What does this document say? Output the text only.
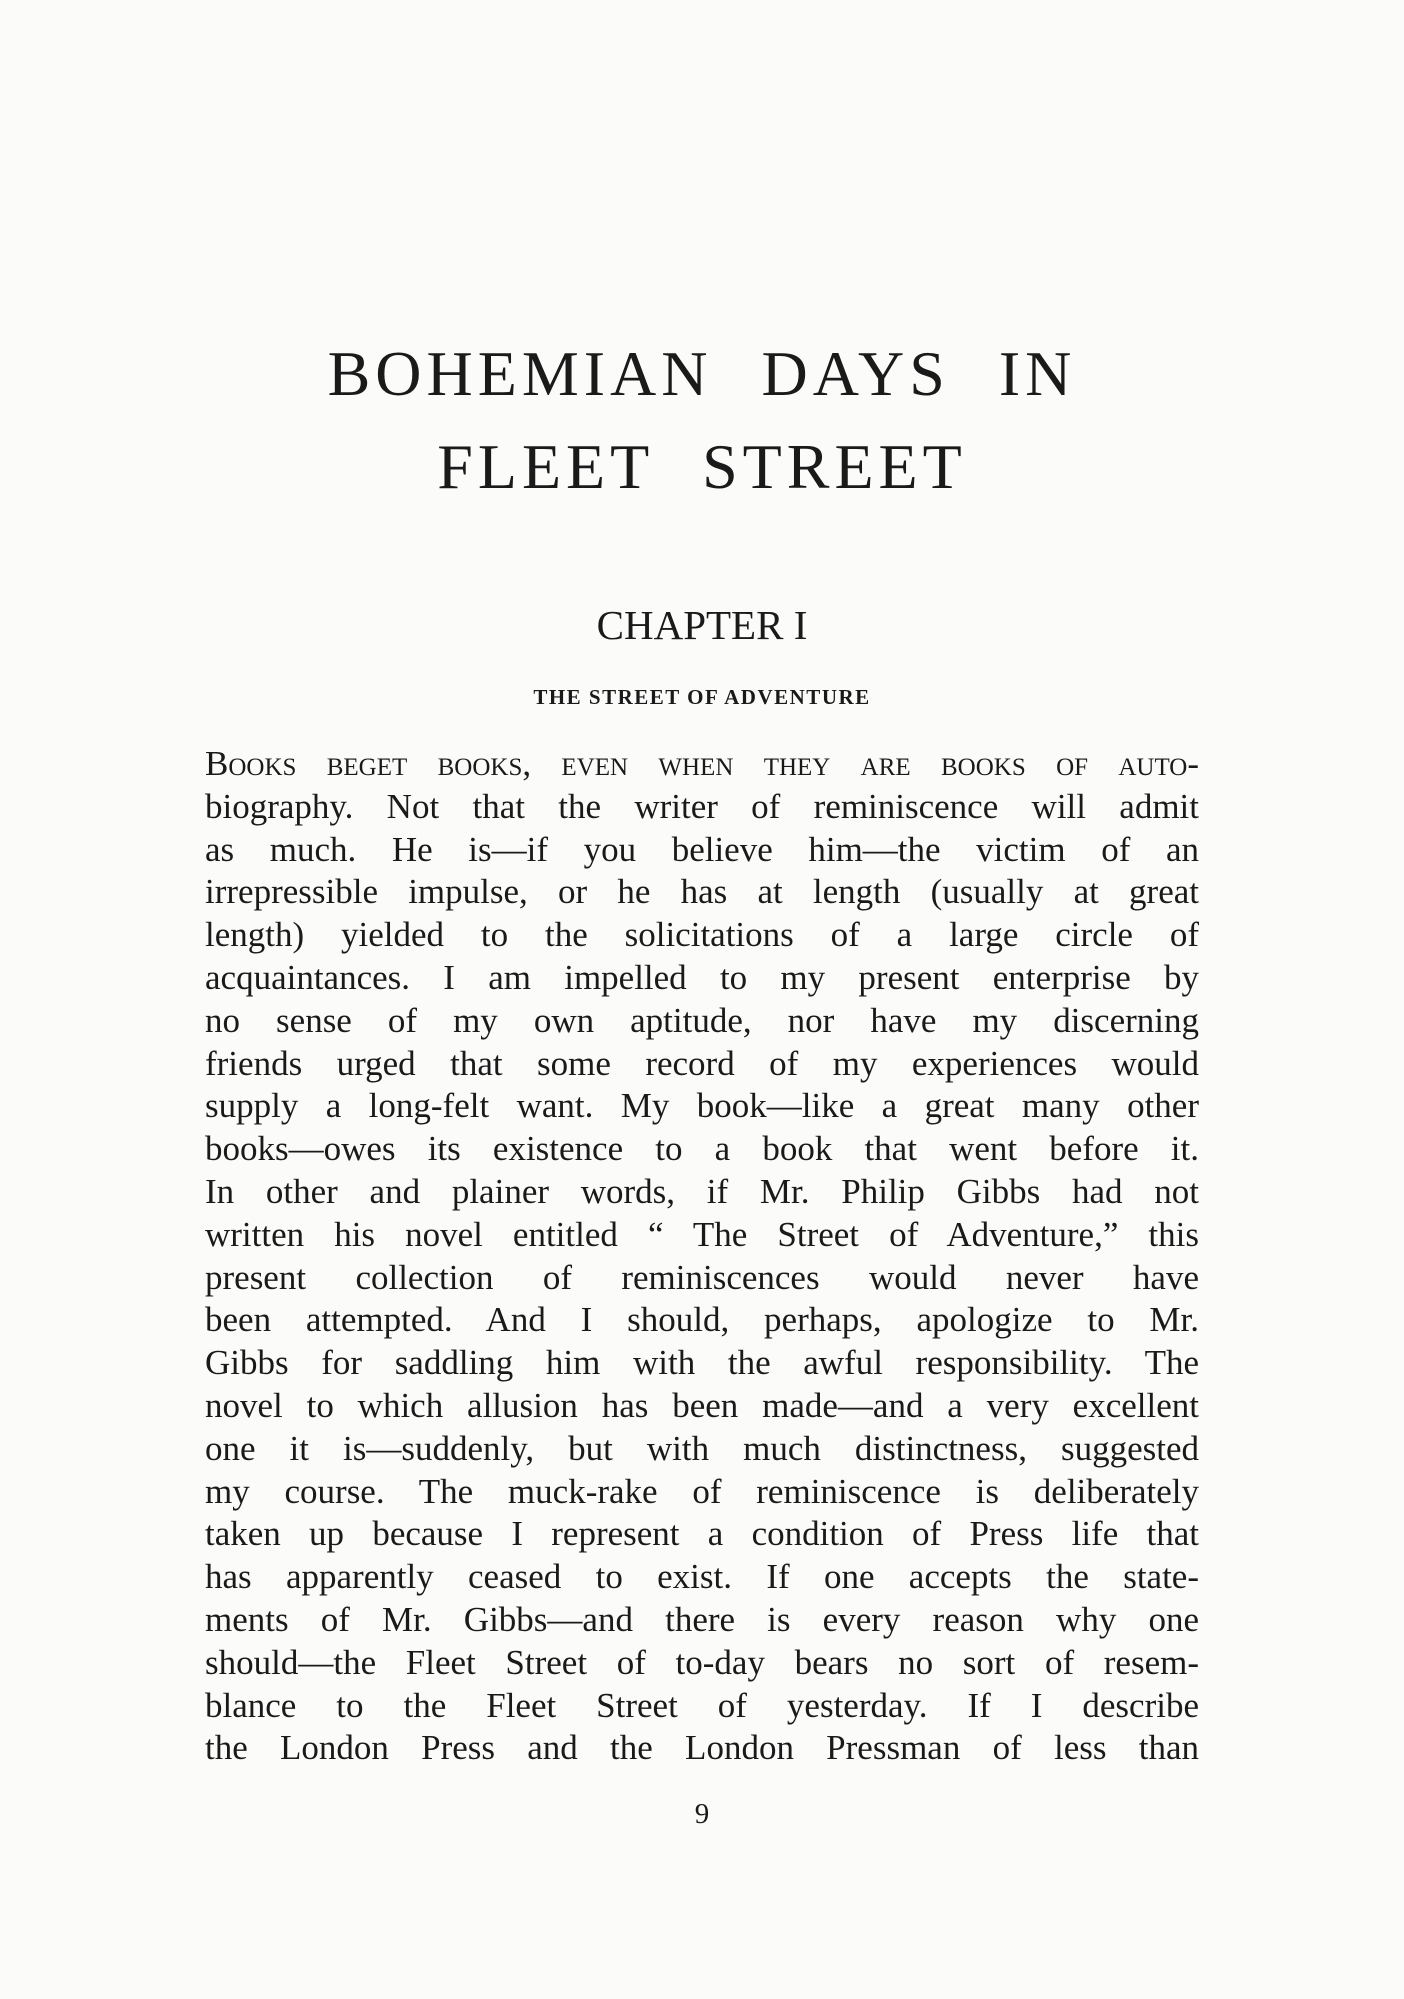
BOHEMIAN DAYS IN
FLEET STREET
CHAPTER I
THE STREET OF ADVENTURE
Books beget books, even when they are books of auto-
biography. Not that the writer of reminiscence will admit
as much. He is—if you believe him—the victim of an
irrepressible impulse, or he has at length (usually at great
length) yielded to the solicitations of a large circle of
acquaintances. I am impelled to my present enterprise by
no sense of my own aptitude, nor have my discerning
friends urged that some record of my experiences would
supply a long-felt want. My book—like a great many other
books—owes its existence to a book that went before it.
In other and plainer words, if Mr. Philip Gibbs had not
written his novel entitled “ The Street of Adventure,” this
present collection of reminiscences would never have
been attempted. And I should, perhaps, apologize to Mr.
Gibbs for saddling him with the awful responsibility. The
novel to which allusion has been made—and a very excellent
one it is—suddenly, but with much distinctness, suggested
my course. The muck-rake of reminiscence is deliberately
taken up because I represent a condition of Press life that
has apparently ceased to exist. If one accepts the state-
ments of Mr. Gibbs—and there is every reason why one
should—the Fleet Street of to-day bears no sort of resem-
blance to the Fleet Street of yesterday. If I describe
the London Press and the London Pressman of less than
9
